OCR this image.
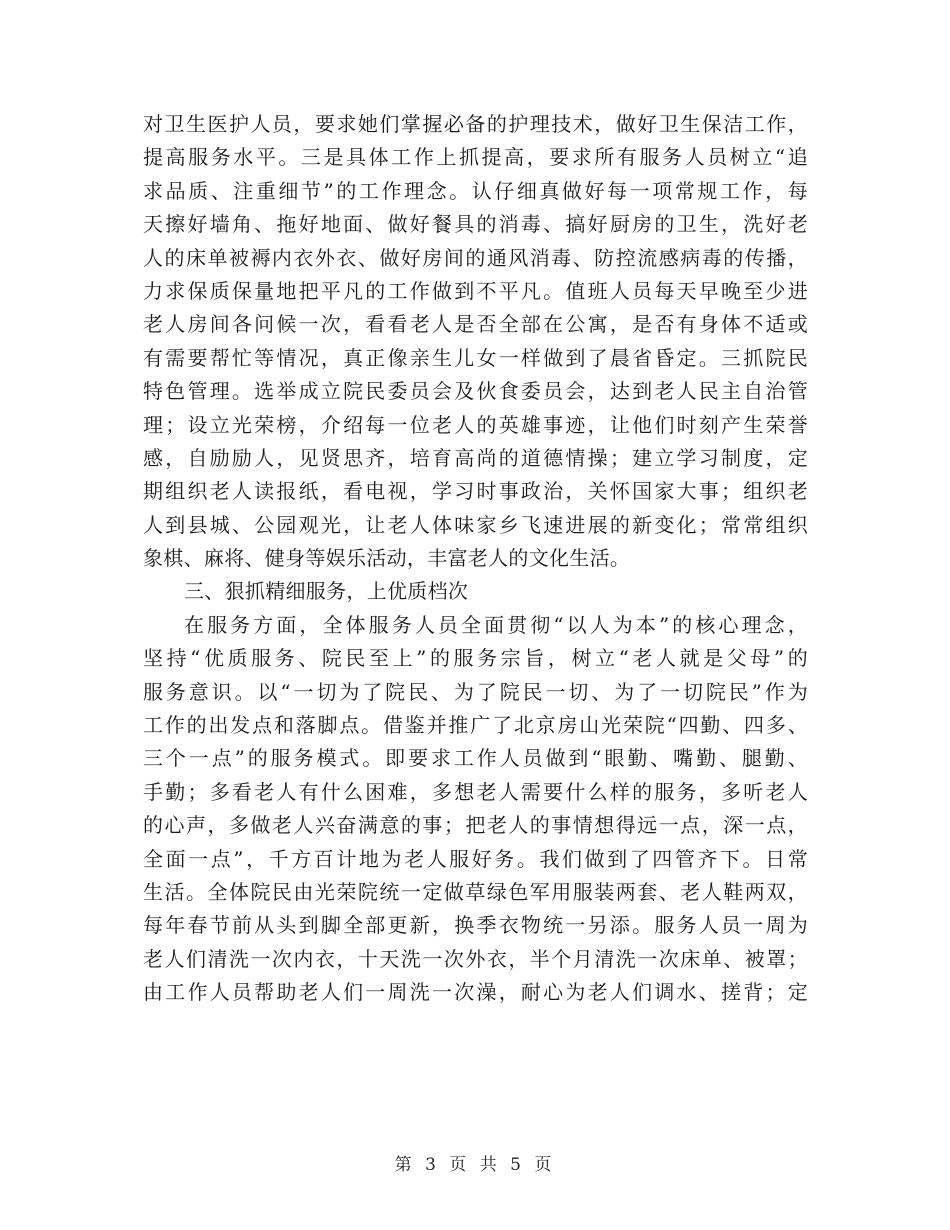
对卫生医护人员，要求她们掌握必备的护理技术，做好卫生保洁工作，
提高服务水平。三是具体工作上抓提高，要求所有服务人员树立“追
求品质、注重细节”的工作理念。认仔细真做好每一项常规工作，每
天擦好墙角、拖好地面、做好餐具的消毒、搞好厨房的卫生，洗好老
人的床单被褥内衣外衣、做好房间的通风消毒、防控流感病毒的传播，
力求保质保量地把平凡的工作做到不平凡。值班人员每天早晚至少进
老人房间各问候一次，看看老人是否全部在公寓，是否有身体不适或
有需要帮忙等情况，真正像亲生儿女一样做到了晨省昏定。三抓院民
特色管理。选举成立院民委员会及伙食委员会，达到老人民主自治管
理；设立光荣榜，介绍每一位老人的英雄事迹，让他们时刻产生荣誉
感，自励励人，见贤思齐，培育高尚的道德情操；建立学习制度，定
期组织老人读报纸，看电视，学习时事政治，关怀国家大事；组织老
人到县城、公园观光，让老人体味家乡飞速进展的新变化；常常组织
象棋、麻将、健身等娱乐活动，丰富老人的文化生活。
三、狠抓精细服务，上优质档次
在服务方面，全体服务人员全面贯彻“以人为本”的核心理念，
坚持“优质服务、院民至上”的服务宗旨，树立“老人就是父母”的
服务意识。以“一切为了院民、为了院民一切、为了一切院民”作为
工作的出发点和落脚点。借鉴并推广了北京房山光荣院“四勤、四多、
三个一点”的服务模式。即要求工作人员做到“眼勤、嘴勤、腿勤、
手勤；多看老人有什么困难，多想老人需要什么样的服务，多听老人
的心声，多做老人兴奋满意的事；把老人的事情想得远一点，深一点，
全面一点”，千方百计地为老人服好务。我们做到了四管齐下。日常
生活。全体院民由光荣院统一定做草绿色军用服装两套、老人鞋两双，
每年春节前从头到脚全部更新，换季衣物统一另添。服务人员一周为
老人们清洗一次内衣，十天洗一次外衣，半个月清洗一次床单、被罩；
由工作人员帮助老人们一周洗一次澡，耐心为老人们调水、搓背；定
第 3 页 共 5 页
